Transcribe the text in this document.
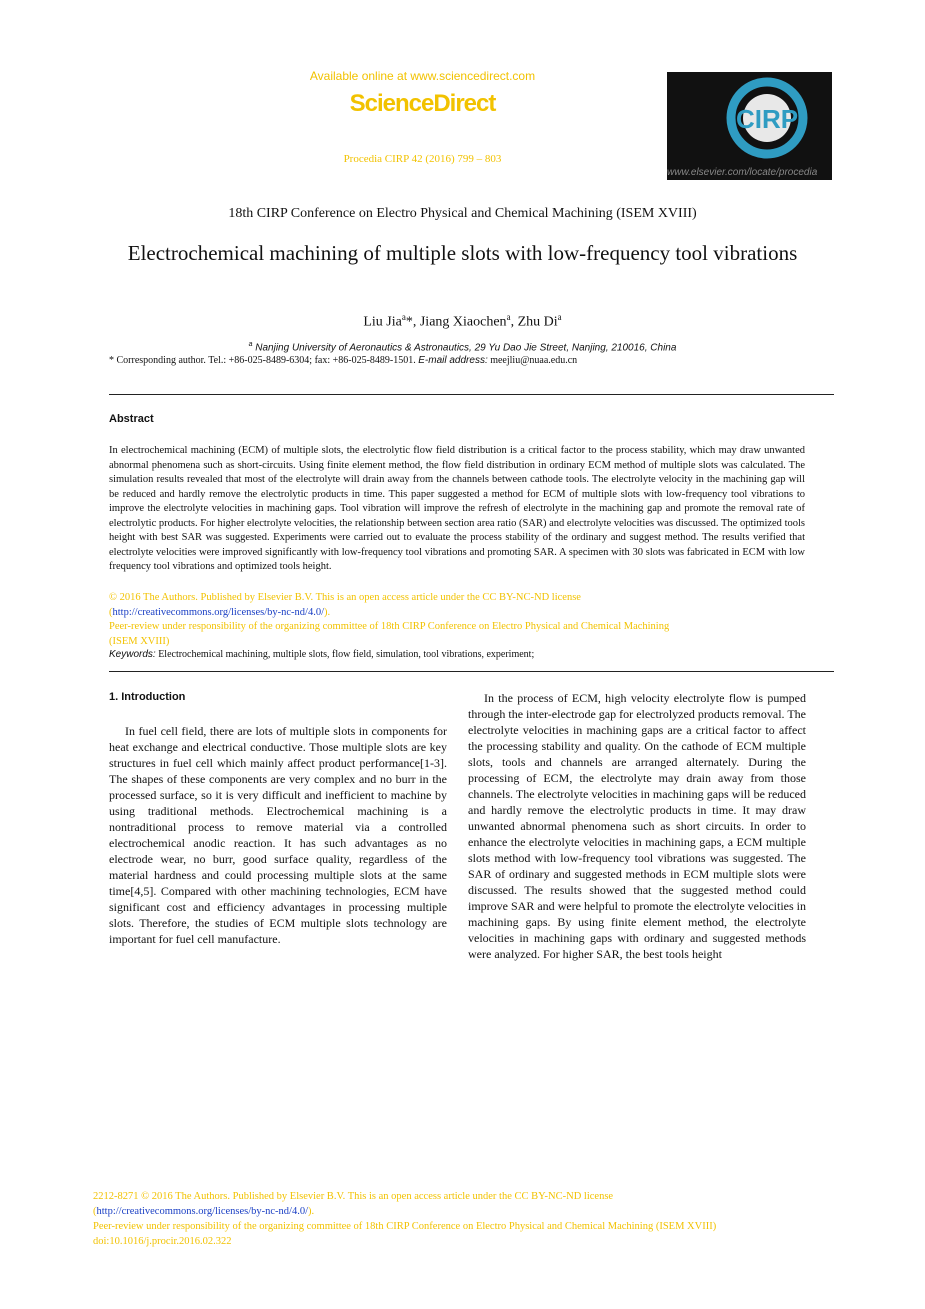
Available online at www.sciencedirect.com
ScienceDirect
Procedia CIRP 42 (2016) 799 – 803
CIRP
www.elsevier.com/locate/procedia
18th CIRP Conference on Electro Physical and Chemical Machining (ISEM XVIII)
Electrochemical machining of multiple slots with low-frequency tool vibrations
Liu Jia$^a$*, Jiang Xiaochen$^a$, Zhu Di$^a$
$^a$ Nanjing University of Aeronautics & Astronautics, 29 Yu Dao Jie Street, Nanjing, 210016, China
* Corresponding author. Tel.: +86-025-8489-6304; fax: +86-025-8489-1501. E-mail address: meejliu@nuaa.edu.cn
Abstract
In electrochemical machining (ECM) of multiple slots, the electrolytic flow field distribution is a critical factor to the process stability, which may draw unwanted abnormal phenomena such as short-circuits. Using finite element method, the flow field distribution in ordinary ECM method of multiple slots was calculated. The simulation results revealed that most of the electrolyte will drain away from the channels between cathode tools. The electrolyte velocity in the machining gap will be reduced and hardly remove the electrolytic products in time. This paper suggested a method for ECM of multiple slots with low-frequency tool vibrations to improve the electrolyte velocities in machining gaps. Tool vibration will improve the refresh of electrolyte in the machining gap and promote the removal rate of electrolytic products. For higher electrolyte velocities, the relationship between section area ratio (SAR) and electrolyte velocities was discussed. The optimized tools height with best SAR was suggested. Experiments were carried out to evaluate the process stability of the ordinary and suggest method. The results verified that electrolyte velocities were improved significantly with low-frequency tool vibrations and promoting SAR. A specimen with 30 slots was fabricated in ECM with low frequency tool vibrations and optimized tools height.
© 2016 The Authors. Published by Elsevier B.V. This is an open access article under the CC BY-NC-ND license
(http://creativecommons.org/licenses/by-nc-nd/4.0/).
Peer-review under responsibility of the organizing committee of 18th CIRP Conference on Electro Physical and Chemical Machining
(ISEM XVIII)
Keywords: Electrochemical machining, multiple slots, flow field, simulation, tool vibrations, experiment;
1. Introduction
In fuel cell field, there are lots of multiple slots in components for heat exchange and electrical conductive. Those multiple slots are key structures in fuel cell which mainly affect product performance[1-3]. The shapes of these components are very complex and no burr in the processed surface, so it is very difficult and inefficient to machine by using traditional methods. Electrochemical machining is a nontraditional process to remove material via a controlled electrochemical anodic reaction. It has such advantages as no electrode wear, no burr, good surface quality, regardless of the material hardness and could processing multiple slots at the same time[4,5]. Compared with other machining technologies, ECM have significant cost and efficiency advantages in processing multiple slots. Therefore, the studies of ECM multiple slots technology are important for fuel cell manufacture.
In the process of ECM, high velocity electrolyte flow is pumped through the inter-electrode gap for electrolyzed products removal. The electrolyte velocities in machining gaps are a critical factor to affect the processing stability and quality. On the cathode of ECM multiple slots, tools and channels are arranged alternately. During the processing of ECM, the electrolyte may drain away from those channels. The electrolyte velocities in machining gaps will be reduced and hardly remove the electrolytic products in time. It may draw unwanted abnormal phenomena such as short circuits. In order to enhance the electrolyte velocities in machining gaps, a ECM multiple slots method with low-frequency tool vibrations was suggested. The SAR of ordinary and suggested methods in ECM multiple slots were discussed. The results showed that the suggested method could improve SAR and were helpful to promote the electrolyte velocities in machining gaps. By using finite element method, the electrolyte velocities in machining gaps with ordinary and suggested methods were analyzed. For higher SAR, the best tools height
2212-8271 © 2016 The Authors. Published by Elsevier B.V. This is an open access article under the CC BY-NC-ND license
(http://creativecommons.org/licenses/by-nc-nd/4.0/).
Peer-review under responsibility of the organizing committee of 18th CIRP Conference on Electro Physical and Chemical Machining (ISEM XVIII)
doi:10.1016/j.procir.2016.02.322
